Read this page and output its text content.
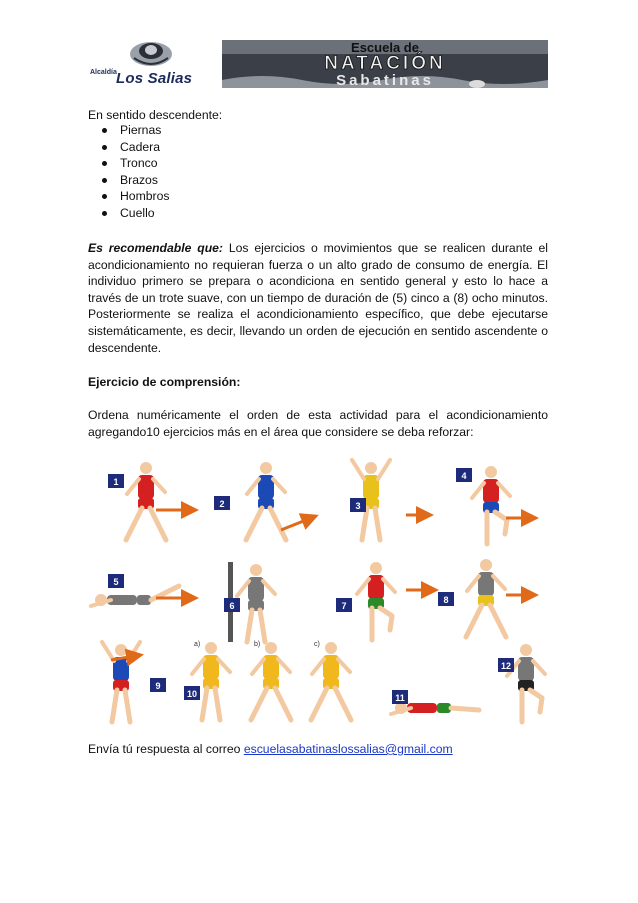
Alcaldía Los Salias
Escuela de
NATACIÓN
Sabatinas
En sentido descendente:
Piernas
Cadera
Tronco
Brazos
Hombros
Cuello
Es recomendable que: Los ejercicios o movimientos que se realicen durante el acondicionamiento no requieran fuerza o un alto grado de consumo de energía. El individuo primero se prepara o acondiciona en sentido general y esto lo hace a través de un trote suave, con un tiempo de duración de (5) cinco a (8) ocho minutos. Posteriormente se realiza el acondicionamiento específico, que debe ejecutarse sistemáticamente, es decir, llevando un orden de ejecución en sentido ascendente o descendente.
Ejercicio de comprensión:
Ordena numéricamente el orden de esta actividad para el acondicionamiento agregando10 ejercicios más en el área que considere se deba reforzar:
1
2	3
4
5
6	7
8
9
10	11
12
a)	b)	c)
Envía tú respuesta al correo escuelasabatinaslossalias@gmail.com
